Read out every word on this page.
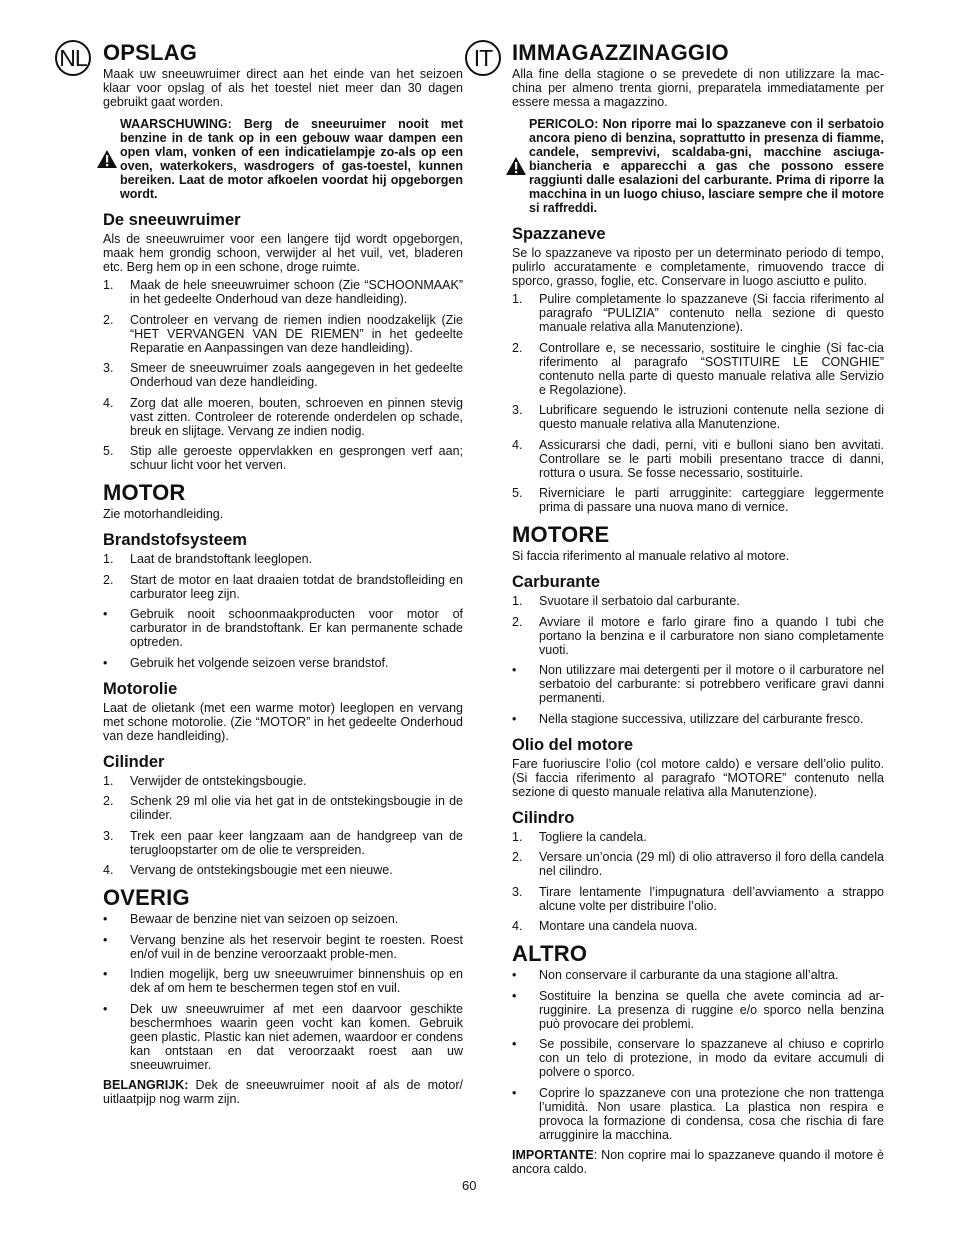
NL	IT
OPSLAG

Maak uw sneeuwruimer direct aan het einde van het seizoen klaar voor opslag of als het toestel niet meer dan 30 dagen gebruikt gaat worden.

WAARSCHUWING: Berg de sneeuruimer nooit met benzine in de tank op in een gebouw waar dampen een open vlam, vonken of een indicatielampje zo-als op een oven, waterkokers, wasdrogers of gas-toestel, kunnen bereiken. Laat de motor afkoelen voordat hij opgeborgen wordt.
De sneeuwruimer

Als de sneeuwruimer voor een langere tijd wordt opgeborgen, maak hem grondig schoon, verwijder al het vuil, vet, bladeren etc. Berg hem op in een schone, droge ruimte.

1.	Maak de hele sneeuwruimer schoon (Zie “SCHOONMAAK” in het gedeelte Onderhoud van deze handleiding).
2.	Controleer en vervang de riemen indien noodzakelijk (Zie “HET VERVANGEN VAN DE RIEMEN” in het gedeelte Reparatie en Aanpassingen van deze handleiding).
3.	Smeer de sneeuwruimer zoals aangegeven in het gedeelte Onderhoud van deze handleiding.
4.	Zorg dat alle moeren, bouten, schroeven en pinnen stevig vast zitten. Controleer de roterende onderdelen op schade, breuk en slijtage. Vervang ze indien nodig.
5.	Stip alle geroeste oppervlakken en gesprongen verf aan; schuur licht voor het verven.
MOTOR

Zie motorhandleiding.

Brandstofsysteem
1.	Laat de brandstoftank leeglopen.
2.	Start de motor en laat draaien totdat de brandstofleiding en carburator leeg zijn.
•	Gebruik nooit schoonmaakproducten voor motor of carburator in de brandstoftank. Er kan permanente schade optreden.
•	Gebruik het volgende seizoen verse brandstof.
Motorolie

Laat de olietank (met een warme motor) leeglopen en vervang met schone motorolie. (Zie “MOTOR” in het gedeelte Onderhoud van deze handleiding).

Cilinder
1.	Verwijder de ontstekingsbougie.
2.	Schenk 29 ml olie via het gat in de ontstekingsbougie in de cilinder.
3.	Trek een paar keer langzaam aan de handgreep van de terugloopstarter om de olie te verspreiden.
4.	Vervang de ontstekingsbougie met een nieuwe.
OVERIG
•	Bewaar de benzine niet van seizoen op seizoen.
•	Vervang benzine als het reservoir begint te roesten. Roest en/of vuil in de benzine veroorzaakt proble-men.
•	Indien mogelijk, berg uw sneeuwruimer binnenshuis op en dek af om hem te beschermen tegen stof en vuil.
•	Dek uw sneeuwruimer af met een daarvoor geschikte beschermhoes waarin geen vocht kan komen. Gebruik geen plastic. Plastic kan niet ademen, waardoor er condens kan ontstaan en dat veroorzaakt roest aan uw sneeuwruimer.

BELANGRIJK: Dek de sneeuwruimer nooit af als de motor/ uitlaatpijp nog warm zijn.

IMMAGAZZINAGGIO

Alla fine della stagione o se prevedete di non utilizzare la mac-china per almeno trenta giorni, preparatela immediatamente per essere messa a magazzino.

PERICOLO: Non riporre mai lo spazzaneve con il serbatoio ancora pieno di benzina, soprattutto in presenza di fiamme, candele, semprevivi, scaldaba-gni, macchine asciuga-biancheria e apparecchi a gas che possono essere raggiunti dalle esalazioni del carburante. Prima di riporre la macchina in un luogo chiuso, lasciare sempre che il motore si raffreddi.
Spazzaneve

Se lo spazzaneve va riposto per un determinato periodo di tempo, pulirlo accuratamente e completamente, rimuovendo tracce di sporco, grasso, foglie, etc. Conservare in luogo asciutto e pulito.

1.	Pulire completamente lo spazzaneve (Si faccia riferimento al paragrafo “PULIZIA” contenuto nella sezione di questo manuale relativa alla Manutenzione).
2.	Controllare e, se necessario, sostituire le cinghie (Si fac-cia riferimento al paragrafo “SOSTITUIRE LE CONGHIE” contenuto nella parte di questo manuale relativa alle Servizio e Regolazione).
3.	Lubrificare seguendo le istruzioni contenute nella sezione di questo manuale relativa alla Manutenzione.
4.	Assicurarsi che dadi, perni, viti e bulloni siano ben avvitati. Controllare se le parti mobili presentano tracce di danni, rottura o usura. Se fosse necessario, sostituirle.
5.	Riverniciare le parti arrugginite: carteggiare leggermente prima di passare una nuova mano di vernice.
MOTORE

Si faccia riferimento al manuale relativo al motore.

Carburante
1.	Svuotare il serbatoio dal carburante.
2.	Avviare il motore e farlo girare fino a quando I tubi che portano la benzina e il carburatore non siano completamente vuoti.
•	Non utilizzare mai detergenti per il motore o il carburatore nel serbatoio del carburante: si potrebbero verificare gravi danni permanenti.
•	Nella stagione successiva, utilizzare del carburante fresco.
Olio del motore

Fare fuoriuscire l’olio (col motore caldo) e versare dell’olio pulito. (Si faccia riferimento al paragrafo “MOTORE” contenuto nella sezione di questo manuale relativa alla Manutenzione).

Cilindro
1.	Togliere la candela.
2.	Versare un’oncia (29 ml) di olio attraverso il foro della candela nel cilindro.
3.	Tirare lentamente l’impugnatura dell’avviamento a strappo alcune volte per distribuire l’olio.
4.	Montare una candela nuova.
ALTRO
•	Non conservare il carburante da una stagione all’altra.
•	Sostituire la benzina se quella che avete comincia ad ar-rugginire. La presenza di ruggine e/o sporco nella benzina può provocare dei problemi.
•	Se possibile, conservare lo spazzaneve al chiuso e coprirlo con un telo di protezione, in modo da evitare accumuli di polvere o sporco.
•	Coprire lo spazzaneve con una protezione che non trattenga l’umidità. Non usare plastica. La plastica non respira e provoca la formazione di condensa, cosa che rischia di fare arrugginire la macchina.

IMPORTANTE: Non coprire mai lo spazzaneve quando il motore è ancora caldo.

60
